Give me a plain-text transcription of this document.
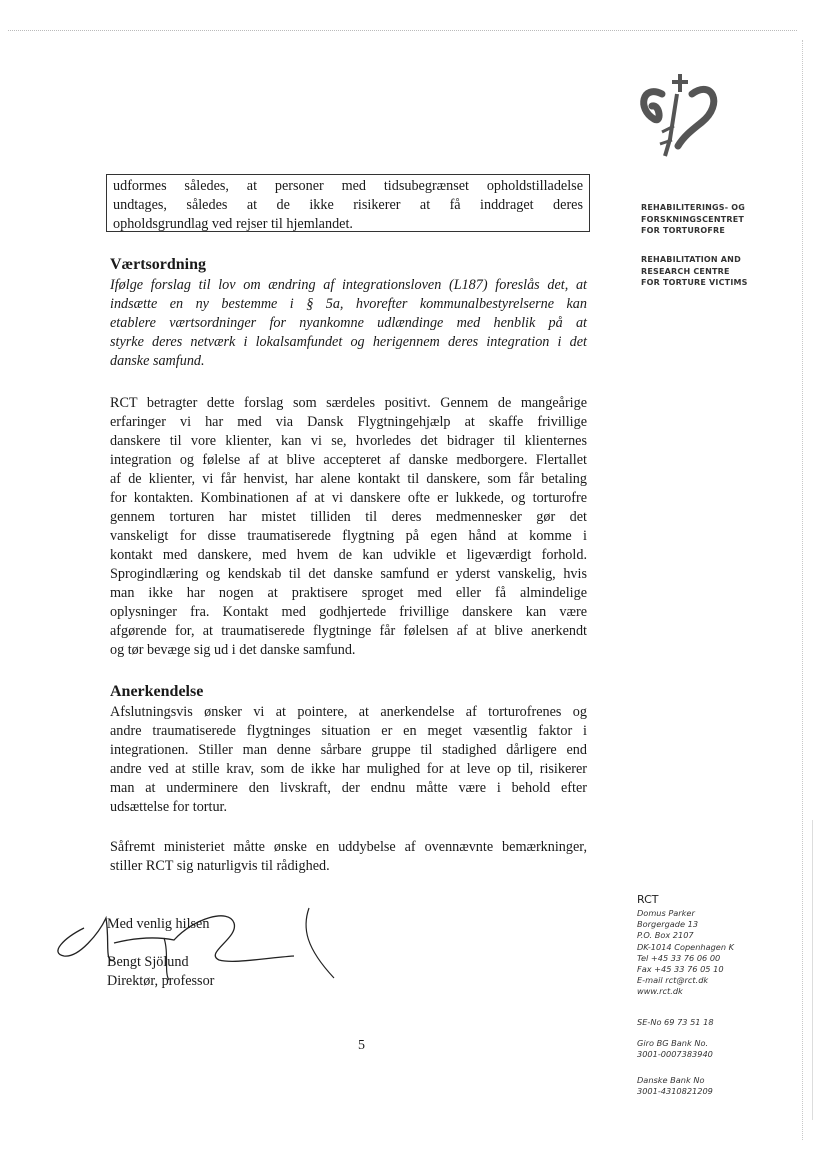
REHABILITERINGS- OG
FORSKNINGSCENTRET
FOR TORTUROFRE
REHABILITATION AND
RESEARCH CENTRE
FOR TORTURE VICTIMS
udformes således, at personer med tidsubegrænset opholdstilladelse
undtages, således at de ikke risikerer at få inddraget deres
opholdsgrundlag ved rejser til hjemlandet.
Værtsordning
Ifølge forslag til lov om ændring af integrationsloven (L187) foreslås det, at
indsætte en ny bestemme i § 5a, hvorefter kommunalbestyrelserne kan
etablere værtsordninger for nyankomne udlændinge med henblik på at
styrke deres netværk i lokalsamfundet og herigennem deres integration i det
danske samfund.
RCT betragter dette forslag som særdeles positivt. Gennem de mangeårige
erfaringer vi har med via Dansk Flygtningehjælp at skaffe frivillige
danskere til vore klienter, kan vi se, hvorledes det bidrager til klienternes
integration og følelse af at blive accepteret af danske medborgere. Flertallet
af de klienter, vi får henvist, har alene kontakt til danskere, som får betaling
for kontakten. Kombinationen af at vi danskere ofte er lukkede, og torturofre
gennem torturen har mistet tilliden til deres medmennesker gør det
vanskeligt for disse traumatiserede flygtning på egen hånd at komme i
kontakt med danskere, med hvem de kan udvikle et ligeværdigt forhold.
Sprogindlæring og kendskab til det danske samfund er yderst vanskelig, hvis
man ikke har nogen at praktisere sproget med eller få almindelige
oplysninger fra. Kontakt med godhjertede frivillige danskere kan være
afgørende for, at traumatiserede flygtninge får følelsen af at blive anerkendt
og tør bevæge sig ud i det danske samfund.
Anerkendelse
Afslutningsvis ønsker vi at pointere, at anerkendelse af torturofrenes og
andre traumatiserede flygtninges situation er en meget væsentlig faktor i
integrationen. Stiller man denne sårbare gruppe til stadighed dårligere end
andre ved at stille krav, som de ikke har mulighed for at leve op til, risikerer
man at underminere den livskraft, der endnu måtte være i behold efter
udsættelse for tortur.
Såfremt ministeriet måtte ønske en uddybelse af ovennævnte bemærkninger,
stiller RCT sig naturligvis til rådighed.
Med venlig hilsen
Bengt Sjölund
Direktør, professor
5
RCT
Domus Parker
Borgergade 13
P.O. Box 2107
DK-1014 Copenhagen K
Tel +45 33 76 06 00
Fax +45 33 76 05 10
E-mail rct@rct.dk
www.rct.dk
SE-No 69 73 51 18
Giro BG Bank No.
3001-0007383940
Danske Bank No
3001-4310821209
